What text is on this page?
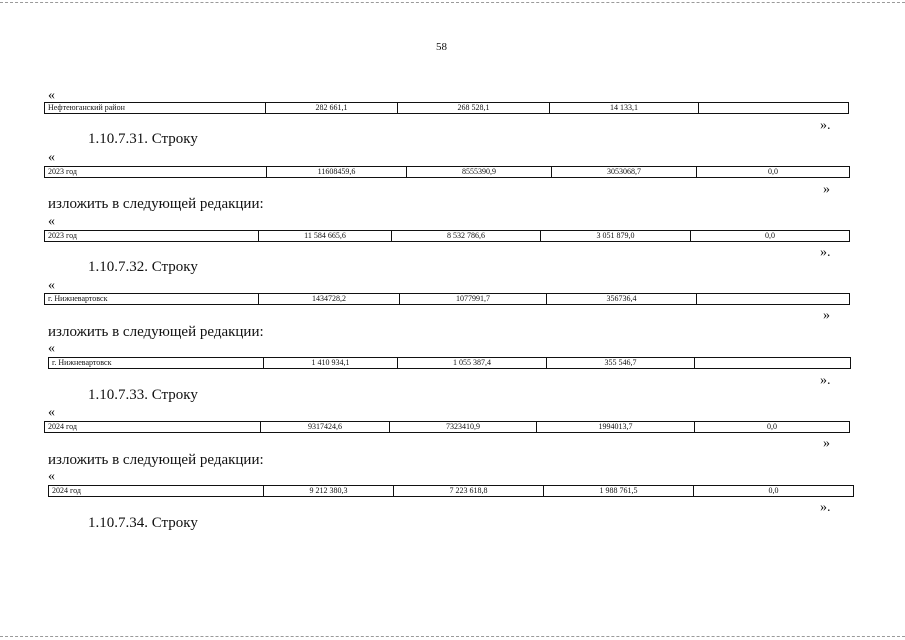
58
«
Нефтеюганский район	282 661,1	268 528,1	14 133,1
».
1.10.7.31. Строку
«
2023 год	11608459,6	8555390,9	3053068,7	0,0
»
изложить в следующей редакции:
«
2023 год	11 584 665,6	8 532 786,6	3 051 879,0	0,0
».
1.10.7.32. Строку
«
г. Нижневартовск	1434728,2	1077991,7	356736,4
»
изложить в следующей редакции:
«
г. Нижневартовск	1 410 934,1	1 055 387,4	355 546,7
».
1.10.7.33. Строку
«
2024 год	9317424,6	7323410,9	1994013,7	0,0
»
изложить в следующей редакции:
«
2024 год	9 212 380,3	7 223 618,8	1 988 761,5	0,0
».
1.10.7.34. Строку
